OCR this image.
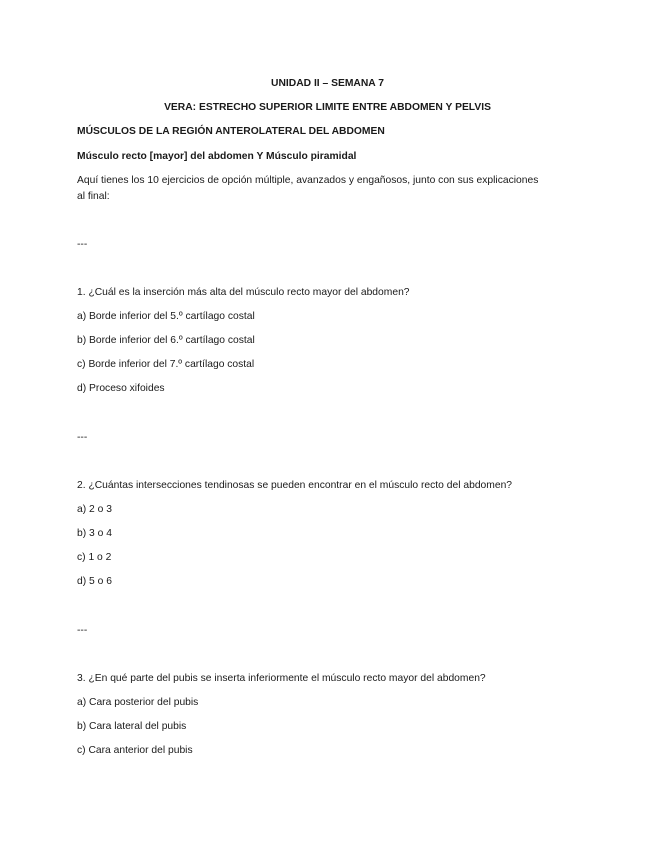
UNIDAD II – SEMANA 7
VERA: ESTRECHO SUPERIOR LIMITE ENTRE ABDOMEN Y PELVIS
MÚSCULOS DE LA REGIÓN ANTEROLATERAL DEL ABDOMEN
Músculo recto [mayor] del abdomen Y Músculo piramidal
Aquí tienes los 10 ejercicios de opción múltiple, avanzados y engañosos, junto con sus explicaciones al final:
---
1. ¿Cuál es la inserción más alta del músculo recto mayor del abdomen?
a) Borde inferior del 5.º cartílago costal
b) Borde inferior del 6.º cartílago costal
c) Borde inferior del 7.º cartílago costal
d) Proceso xifoides
---
2. ¿Cuántas intersecciones tendinosas se pueden encontrar en el músculo recto del abdomen?
a) 2 o 3
b) 3 o 4
c) 1 o 2
d) 5 o 6
---
3. ¿En qué parte del pubis se inserta inferiormente el músculo recto mayor del abdomen?
a) Cara posterior del pubis
b) Cara lateral del pubis
c) Cara anterior del pubis
